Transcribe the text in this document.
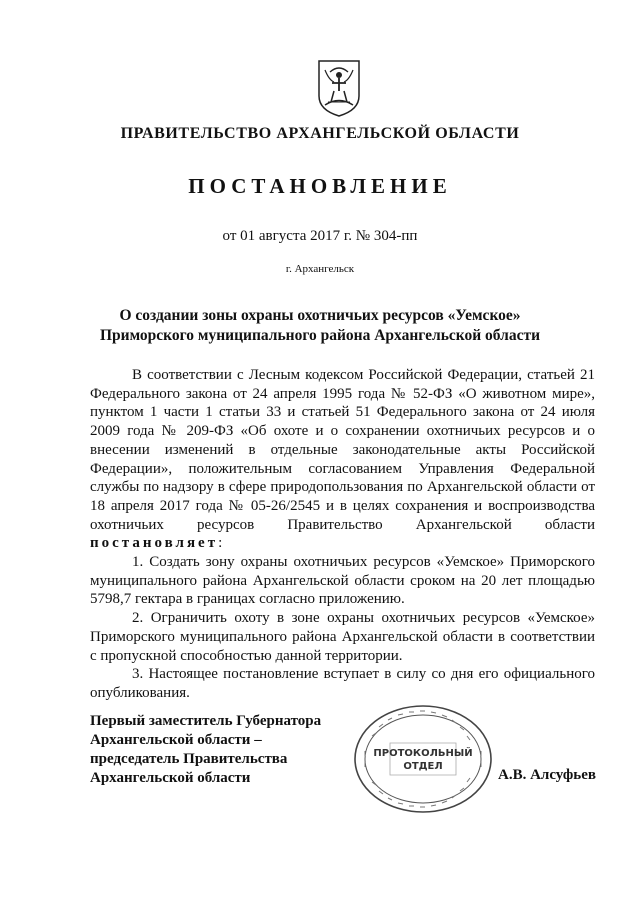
ПРАВИТЕЛЬСТВО АРХАНГЕЛЬСКОЙ ОБЛАСТИ
ПОСТАНОВЛЕНИЕ
от 01 августа 2017 г. № 304-пп
г. Архангельск
О создании зоны охраны охотничьих ресурсов «Уемское»
Приморского муниципального района Архангельской области

В соответствии с Лесным кодексом Российской Федерации, статьей 21 Федерального закона от 24 апреля 1995 года № 52-ФЗ «О животном мире», пунктом 1 части 1 статьи 33 и статьей 51 Федерального закона от 24 июля 2009 года № 209-ФЗ «Об охоте и о сохранении охотничьих ресурсов и о внесении изменений в отдельные законодательные акты Российской Федерации», положительным согласованием Управления Федеральной службы по надзору в сфере природопользования по Архангельской области от 18 апреля 2017 года № 05-26/2545 и в целях сохранения и воспроизводства охотничьих ресурсов Правительство Архангельской области постановляет:

1. Создать зону охраны охотничьих ресурсов «Уемское» Приморского муниципального района Архангельской области сроком на 20 лет площадью 5798,7 гектара в границах согласно приложению.

2. Ограничить охоту в зоне охраны охотничьих ресурсов «Уемское» Приморского муниципального района Архангельской области в соответствии с пропускной способностью данной территории.

3. Настоящее постановление вступает в силу со дня его официального опубликования.

Первый заместитель Губернатора
Архангельской области –
председатель Правительства
Архангельской области
ПРОТОКОЛЬНЫЙ
ОТДЕЛ
А.В. Алсуфьев
